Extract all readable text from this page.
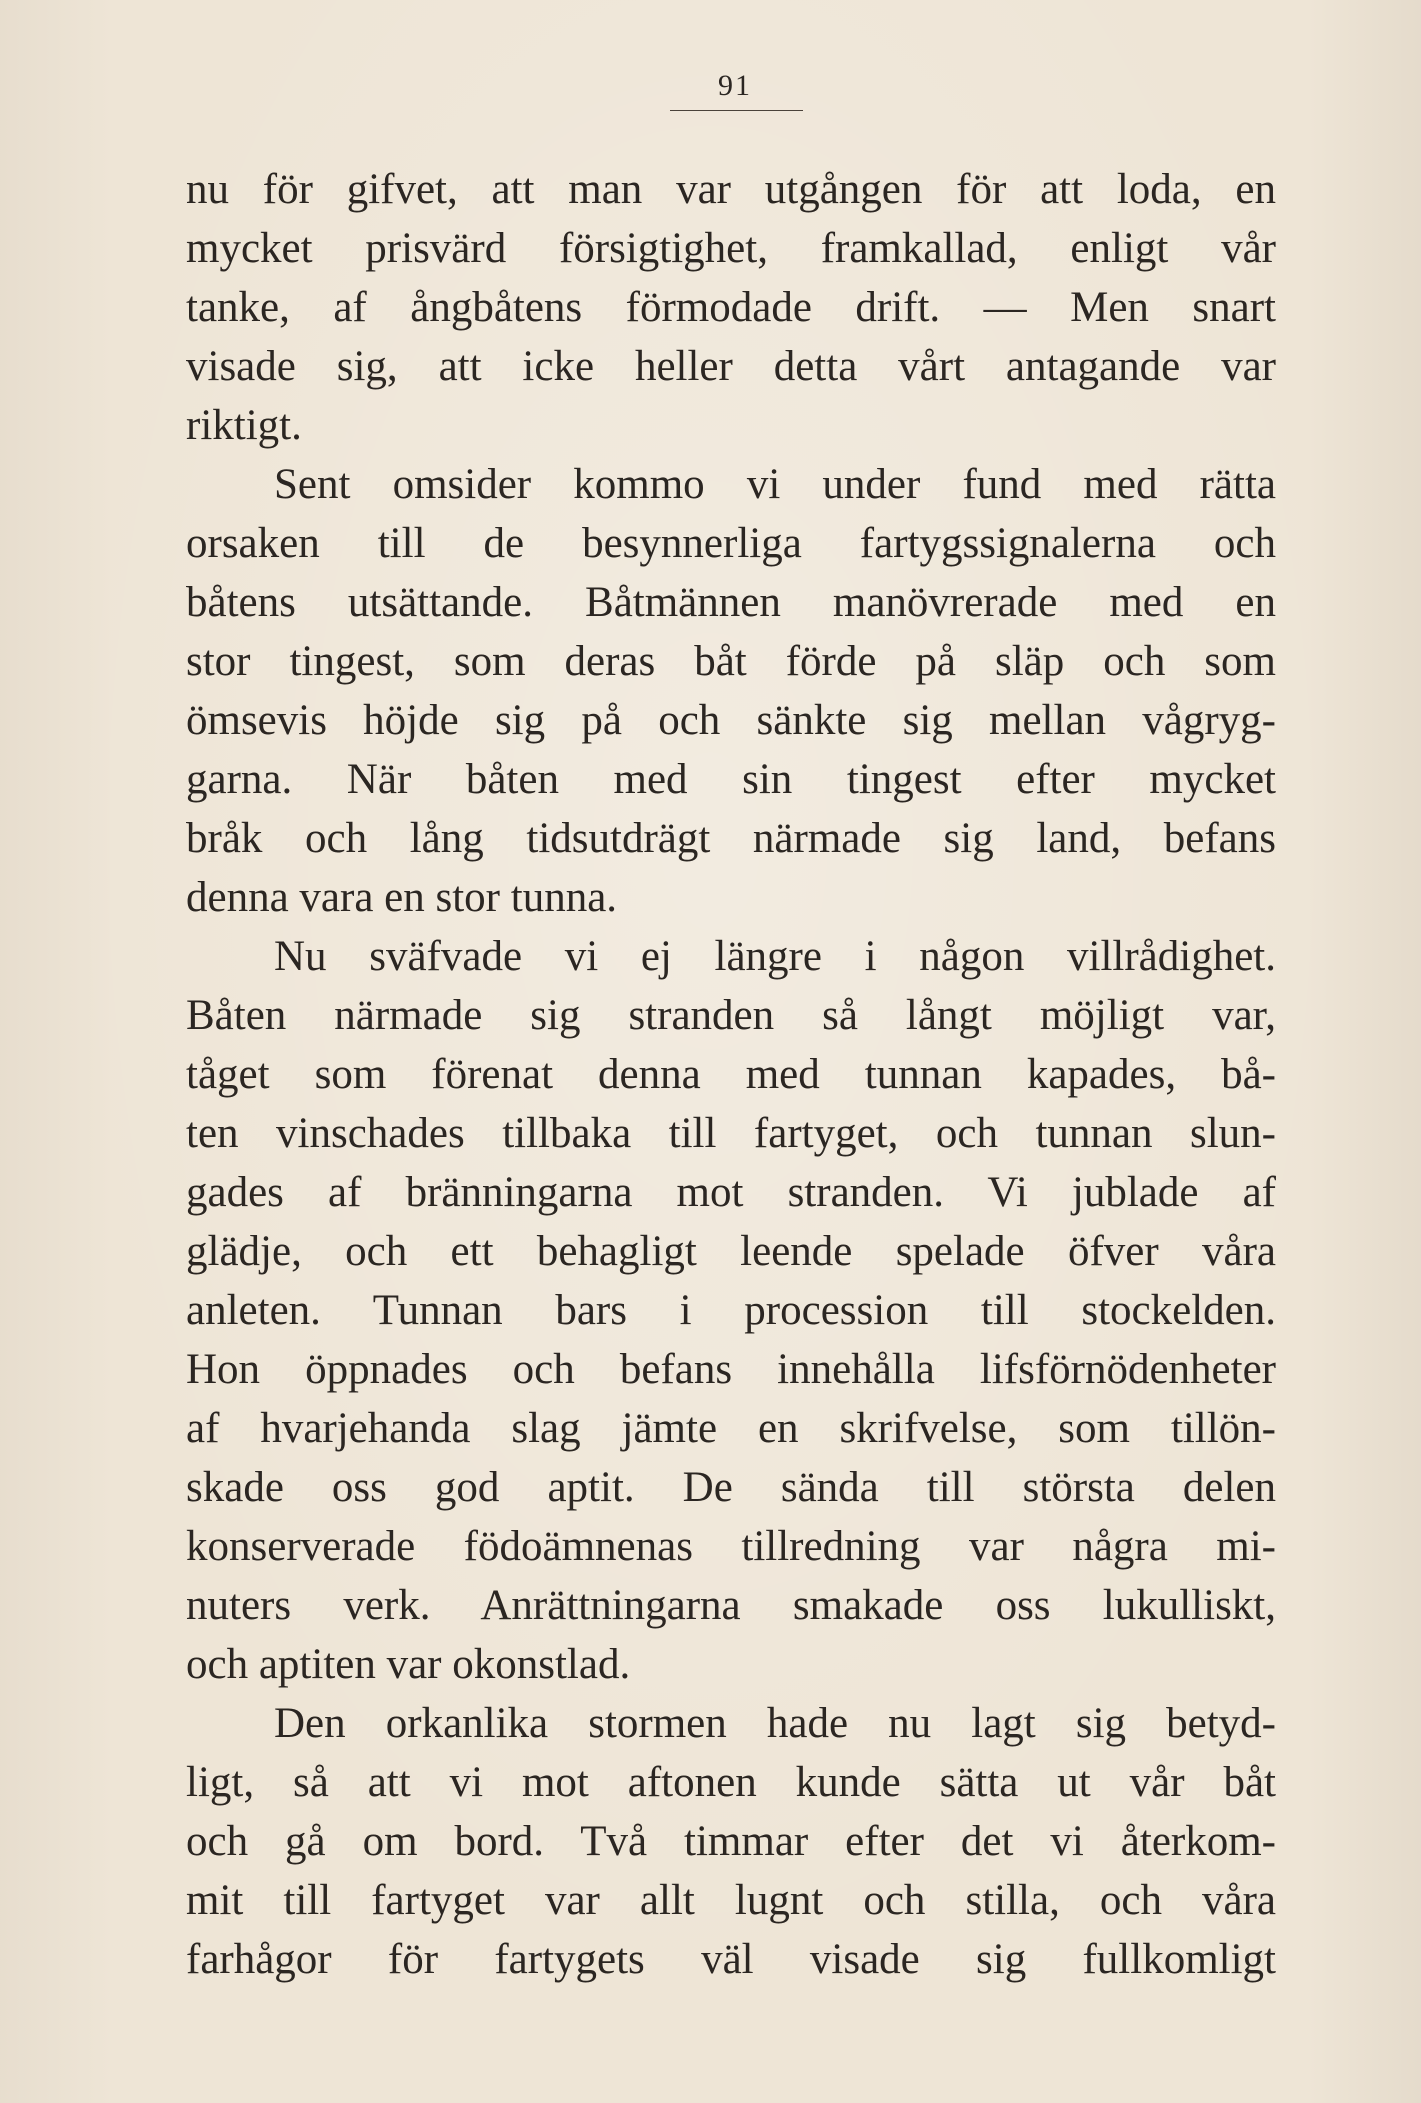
91
nu för gifvet, att man var utgången för att loda, en
mycket prisvärd försigtighet, framkallad, enligt vår
tanke, af ångbåtens förmodade drift. — Men snart
visade sig, att icke heller detta vårt antagande var
riktigt.
Sent omsider kommo vi under fund med rätta
orsaken till de besynnerliga fartygssignalerna och
båtens utsättande. Båtmännen manövrerade med en
stor tingest, som deras båt förde på släp och som
ömsevis höjde sig på och sänkte sig mellan vågryg-
garna. När båten med sin tingest efter mycket
bråk och lång tidsutdrägt närmade sig land, befans
denna vara en stor tunna.
Nu sväfvade vi ej längre i någon villrådighet.
Båten närmade sig stranden så långt möjligt var,
tåget som förenat denna med tunnan kapades, bå-
ten vinschades tillbaka till fartyget, och tunnan slun-
gades af bränningarna mot stranden. Vi jublade af
glädje, och ett behagligt leende spelade öfver våra
anleten. Tunnan bars i procession till stockelden.
Hon öppnades och befans innehålla lifsförnödenheter
af hvarjehanda slag jämte en skrifvelse, som tillön-
skade oss god aptit. De sända till största delen
konserverade födoämnenas tillredning var några mi-
nuters verk. Anrättningarna smakade oss lukulliskt,
och aptiten var okonstlad.
Den orkanlika stormen hade nu lagt sig betyd-
ligt, så att vi mot aftonen kunde sätta ut vår båt
och gå om bord. Två timmar efter det vi återkom-
mit till fartyget var allt lugnt och stilla, och våra
farhågor för fartygets väl visade sig fullkomligt
